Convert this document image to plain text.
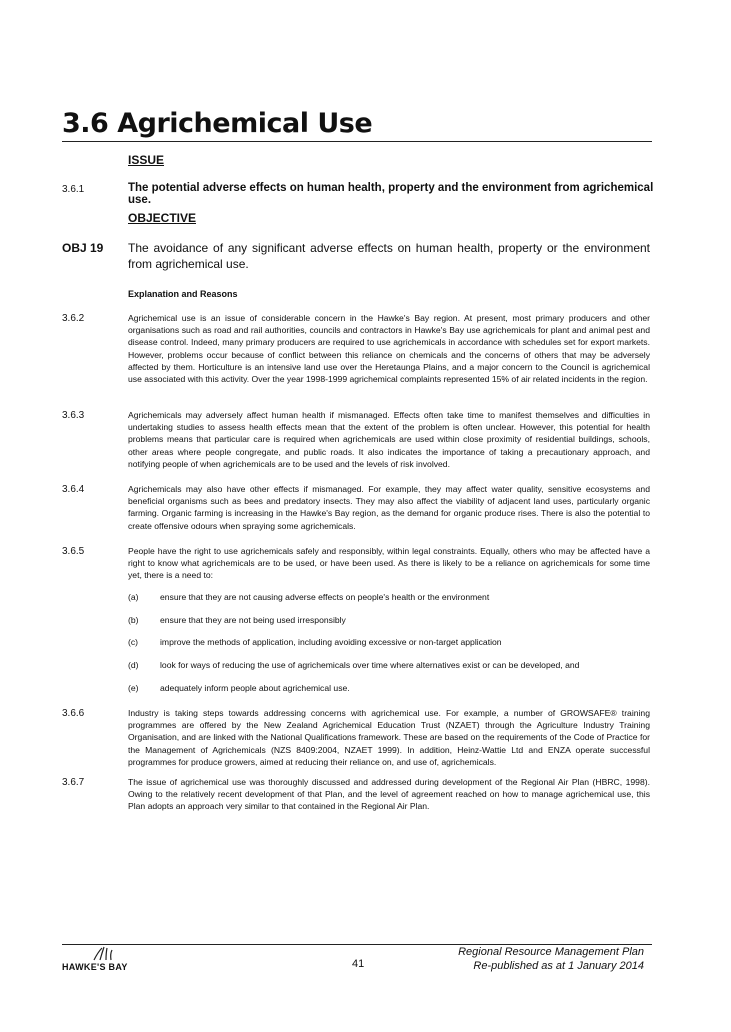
3.6 Agrichemical Use
ISSUE
3.6.1	The potential adverse effects on human health, property and the environment from agrichemical use.
OBJECTIVE
OBJ 19 The avoidance of any significant adverse effects on human health, property or the environment from agrichemical use.
Explanation and Reasons
3.6.2	Agrichemical use is an issue of considerable concern in the Hawke's Bay region. At present, most primary producers and other organisations such as road and rail authorities, councils and contractors in Hawke's Bay use agrichemicals for plant and animal pest and disease control. Indeed, many primary producers are required to use agrichemicals in accordance with schedules set for export markets. However, problems occur because of conflict between this reliance on chemicals and the concerns of others that may be adversely affected by them. Horticulture is an intensive land use over the Heretaunga Plains, and a major concern to the Council is agrichemical use associated with this activity. Over the year 1998-1999 agrichemical complaints represented 15% of air related incidents in the region.
3.6.3	Agrichemicals may adversely affect human health if mismanaged. Effects often take time to manifest themselves and difficulties in undertaking studies to assess health effects mean that the extent of the problem is often unclear. However, this potential for health problems means that particular care is required when agrichemicals are used within close proximity of residential buildings, schools, other areas where people congregate, and public roads. It also indicates the importance of taking a precautionary approach, and notifying people of when agrichemicals are to be used and the levels of risk involved.
3.6.4	Agrichemicals may also have other effects if mismanaged. For example, they may affect water quality, sensitive ecosystems and beneficial organisms such as bees and predatory insects. They may also affect the viability of adjacent land uses, particularly organic farming. Organic farming is increasing in the Hawke's Bay region, as the demand for organic produce rises. There is also the potential to create offensive odours when spraying some agrichemicals.
3.6.5	People have the right to use agrichemicals safely and responsibly, within legal constraints. Equally, others who may be affected have a right to know what agrichemicals are to be used, or have been used. As there is likely to be a reliance on agrichemicals for some time yet, there is a need to:
(a) ensure that they are not causing adverse effects on people's health or the environment
(b) ensure that they are not being used irresponsibly
(c)	improve the methods of application, including avoiding excessive or non-target application
(d) look for ways of reducing the use of agrichemicals over time where alternatives exist or can be developed, and
(e) adequately inform people about agrichemical use.
3.6.6	Industry is taking steps towards addressing concerns with agrichemical use. For example, a number of GROWSAFE® training programmes are offered by the New Zealand Agrichemical Education Trust (NZAET) through the Agriculture Industry Training Organisation, and are linked with the National Qualifications framework. These are based on the requirements of the Code of Practice for the Management of Agrichemicals (NZS 8409:2004, NZAET 1999). In addition, Heinz-Wattie Ltd and ENZA operate successful programmes for produce growers, aimed at reducing their reliance on, and use of, agrichemicals.
3.6.7	The issue of agrichemical use was thoroughly discussed and addressed during development of the Regional Air Plan (HBRC, 1998). Owing to the relatively recent development of that Plan, and the level of agreement reached on how to manage agrichemical use, this Plan adopts an approach very similar to that contained in the Regional Air Plan.
HAWKE'S BAY	41
Regional Resource Management Plan
Re-published as at 1 January 2014
